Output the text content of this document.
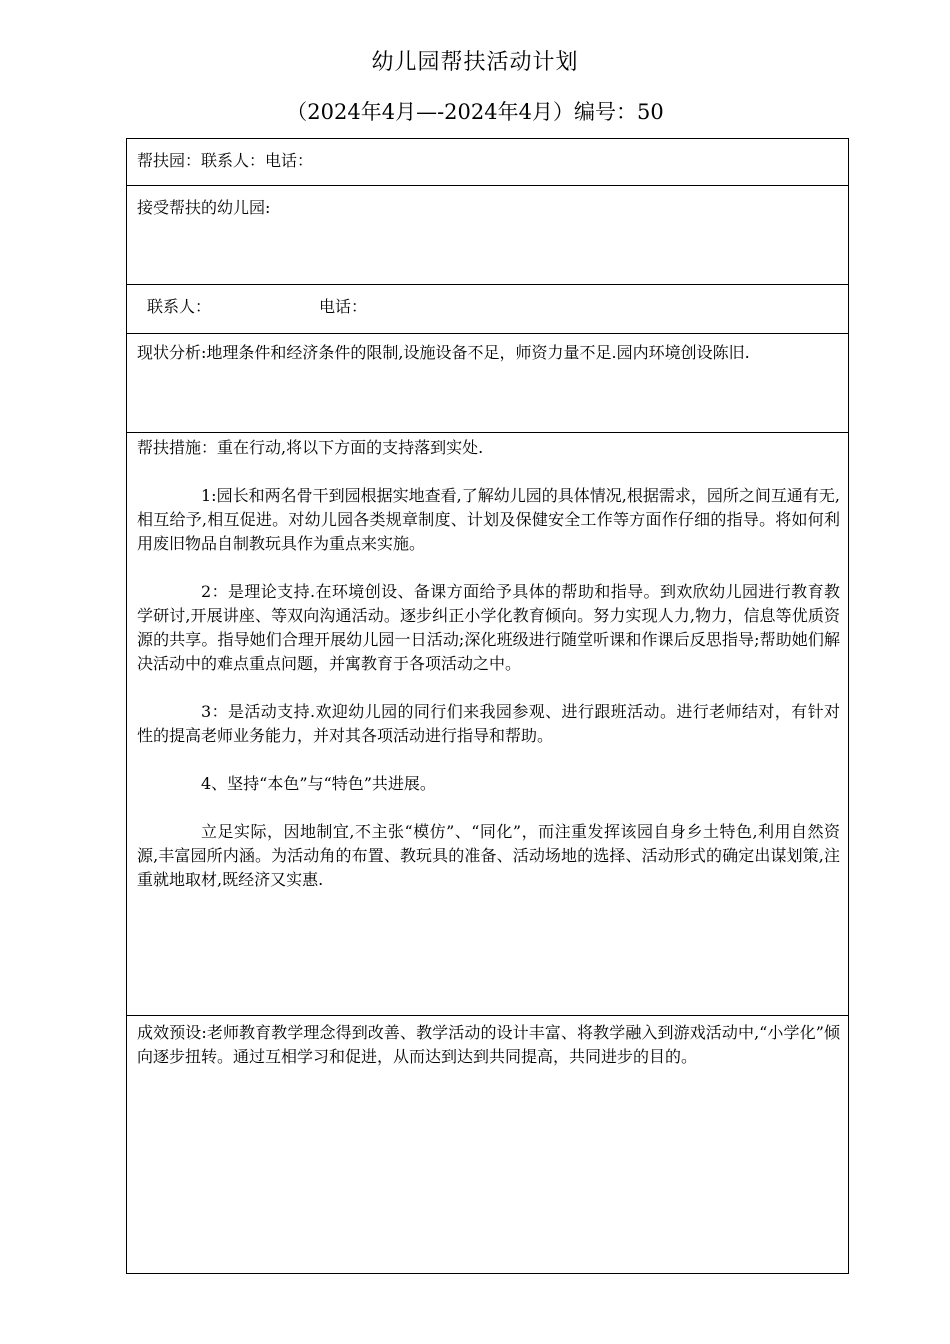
幼儿园帮扶活动计划
（2024年4月—-2024年4月）编号：50
帮扶园：联系人：电话：
接受帮扶的幼儿园:
联系人：	电话：

现状分析:地理条件和经济条件的限制,设施设备不足，师资力量不足.园内环境创设陈旧.

帮扶措施：重在行动,将以下方面的支持落到实处.

1:园长和两名骨干到园根据实地查看,了解幼儿园的具体情况,根据需求，园所之间互通有无,相互给予,相互促进。对幼儿园各类规章制度、计划及保健安全工作等方面作仔细的指导。将如何利用废旧物品自制教玩具作为重点来实施。

2：是理论支持.在环境创设、备课方面给予具体的帮助和指导。到欢欣幼儿园进行教育教学研讨,开展讲座、等双向沟通活动。逐步纠正小学化教育倾向。努力实现人力,物力，信息等优质资源的共享。指导她们合理开展幼儿园一日活动;深化班级进行随堂听课和作课后反思指导;帮助她们解决活动中的难点重点问题，并寓教育于各项活动之中。

3：是活动支持.欢迎幼儿园的同行们来我园参观、进行跟班活动。进行老师结对，有针对性的提高老师业务能力，并对其各项活动进行指导和帮助。

4、坚持“本色”与“特色”共进展。

立足实际，因地制宜,不主张“模仿”、“同化”，而注重发挥该园自身乡土特色,利用自然资源,丰富园所内涵。为活动角的布置、教玩具的准备、活动场地的选择、活动形式的确定出谋划策,注重就地取材,既经济又实惠.

成效预设:老师教育教学理念得到改善、教学活动的设计丰富、将教学融入到游戏活动中,“小学化”倾向逐步扭转。通过互相学习和促进，从而达到达到共同提高，共同进步的目的。
